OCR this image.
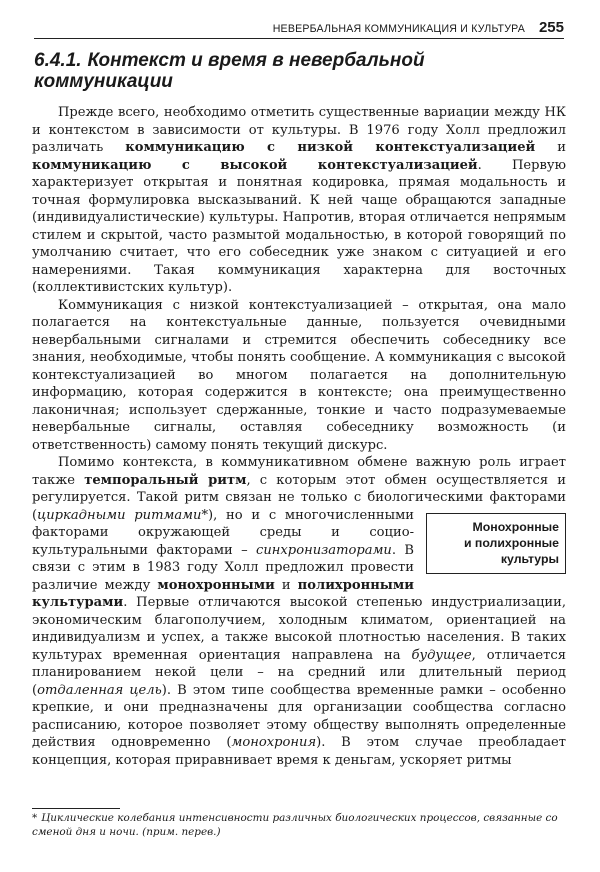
НЕВЕРБАЛЬНАЯ КОММУНИКАЦИЯ И КУЛЬТУРА 255
6.4.1. Контекст и время в невербальной коммуникации

Прежде всего, необходимо отметить существенные вариации между НК и контекстом в зависимости от культуры. В 1976 году Холл предложил различать коммуникацию с низкой контекстуализацией и коммуникацию с высокой контекстуализацией. Первую характеризует открытая и понятная кодировка, прямая модальность и точная формулировка высказываний. К ней чаще обращаются западные (индивидуалистические) культуры. Напротив, вторая отличается непрямым стилем и скрытой, часто размытой модальностью, в которой говорящий по умолчанию считает, что его собеседник уже знаком с ситуацией и его намерениями. Такая коммуникация характерна для восточных (коллективистских культур).

Коммуникация с низкой контекстуализацией – открытая, она мало полагается на контекстуальные данные, пользуется очевидными невербальными сигналами и стремится обеспечить собеседнику все знания, необходимые, чтобы понять сообщение. А коммуникация с высокой контекстуализацией во многом полагается на дополнительную информацию, которая содержится в контексте; она преимущественно лаконичная; использует сдержанные, тонкие и часто подразумеваемые невербальные сигналы, оставляя собеседнику возможность (и ответственность) самому понять текущий дискурс.

Помимо контекста, в коммуникативном обмене важную роль играет также темпоральный ритм, с которым этот обмен осуществляется и регулируется. Такой ритм связан не только с биологическими факторами (
Монохронные
и полихронные
культуры
циркадными ритмами*), но и с многочисленными факторами окружающей среды и социо-культуральными факторами – синхронизаторами. В связи с этим в 1983 году Холл предложил провести различие между монохронными и полихронными культурами. Первые отличаются высокой степенью индустриализации, экономическим благополучием, холодным климатом, ориентацией на индивидуализм и успех, а также высокой плотностью населения. В таких культурах временная ориентация направлена на будущее, отличается планированием некой цели – на средний или длительный период (отдаленная цель). В этом типе сообщества временные рамки – особенно крепкие, и они предназначены для организации сообщества согласно расписанию, которое позволяет этому обществу выполнять определенные действия одновременно (монохрония). В этом случае преобладает концепция, которая приравнивает время к деньгам, ускоряет ритмы

* Циклические колебания интенсивности различных биологических процессов, связанные со сменой дня и ночи. (прим. перев.)
